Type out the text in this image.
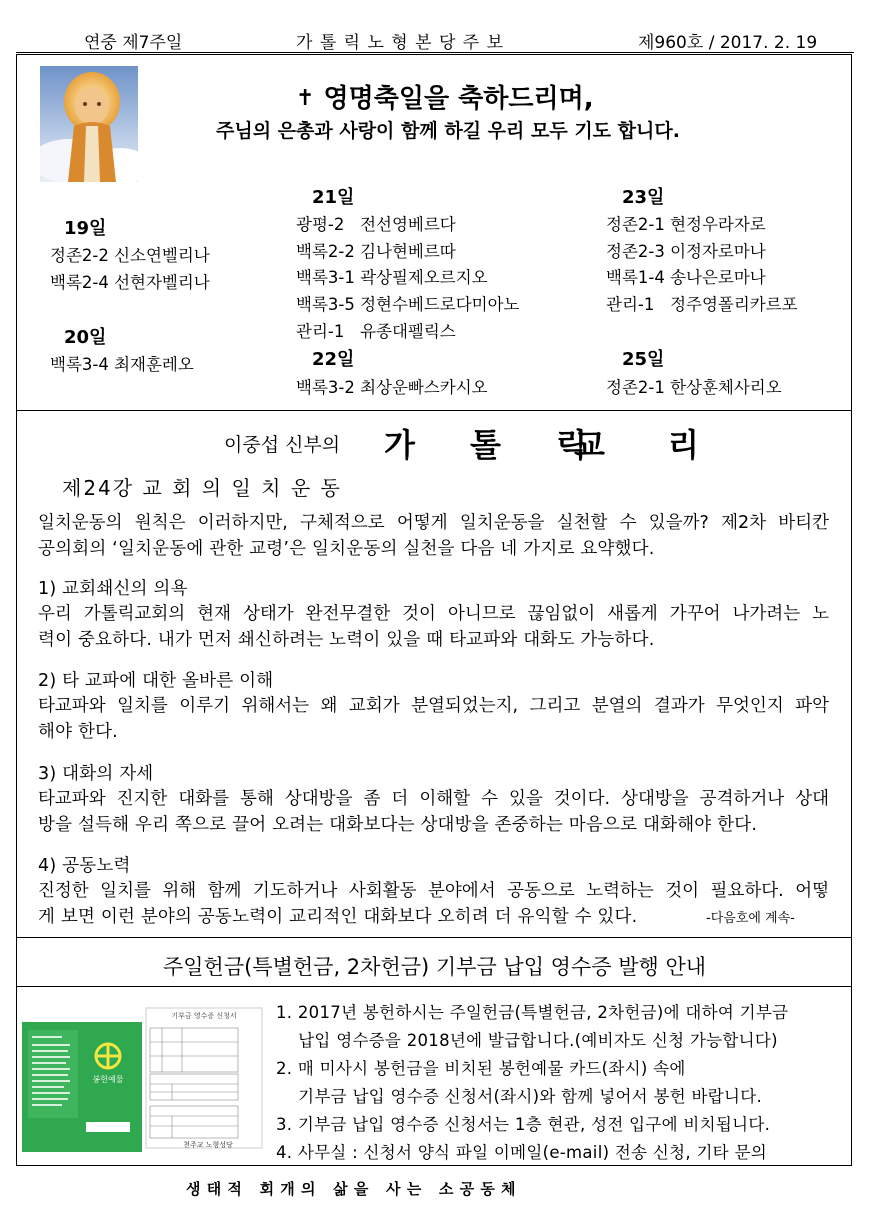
연중 제7주일	가 톨 릭 노 형 본 당 주 보	제960호 / 2017. 2. 19
✝ 영명축일을 축하드리며,
주님의 은총과 사랑이 함께 하길 우리 모두 기도 합니다.
19일
정존2-2 신소연벨리나
백록2-4 선현자벨리나
20일
백록3-4 최재훈레오
21일
광평-2   전선영베르다
백록2-2 김나현베르따
백록3-1 곽상필제오르지오
백록3-5 정현수베드로다미아노
관리-1   유종대펠릭스
22일
백록3-2 최상운빠스카시오
23일
정존2-1 현정우라자로
정존2-3 이정자로마나
백록1-4 송나은로마나
관리-1   정주영폴리카르포
25일
정존2-1 한상훈체사리오
이중섭 신부의 가 톨 릭
교 리
제24강 교 회 의 일 치 운 동
일치운동의 원칙은 이러하지만, 구체적으로 어떻게 일치운동을 실천할 수 있을까? 제2차 바티칸
공의회의 ‘일치운동에 관한 교령’은 일치운동의 실천을 다음 네 가지로 요약했다.
1) 교회쇄신의 의욕
우리 가톨릭교회의 현재 상태가 완전무결한 것이 아니므로 끊임없이 새롭게 가꾸어 나가려는 노
력이 중요하다. 내가 먼저 쇄신하려는 노력이 있을 때 타교파와 대화도 가능하다.
2) 타 교파에 대한 올바른 이해
타교파와 일치를 이루기 위해서는 왜 교회가 분열되었는지, 그리고 분열의 결과가 무엇인지 파악
해야 한다.
3) 대화의 자세
타교파와 진지한 대화를 통해 상대방을 좀 더 이해할 수 있을 것이다. 상대방을 공격하거나 상대
방을 설득해 우리 쪽으로 끌어 오려는 대화보다는 상대방을 존중하는 마음으로 대화해야 한다.
4) 공동노력
진정한 일치를 위해 함께 기도하거나 사회활동 분야에서 공동으로 노력하는 것이 필요하다. 어떻
게 보면 이런 분야의 공동노력이 교리적인 대화보다 오히려 더 유익할 수 있다.	-다음호에 계속-
주일헌금(특별헌금, 2차헌금) 기부금 납입 영수증 발행 안내
봉헌예물
기부금 영수증 신청서
천주교 노형성당
1. 2017년 봉헌하시는 주일헌금(특별헌금, 2차헌금)에 대하여 기부금
납입 영수증을 2018년에 발급합니다.(예비자도 신청 가능합니다)
2. 매 미사시 봉헌금을 비치된 봉헌예물 카드(좌시) 속에
기부금 납입 영수증 신청서(좌시)와 함께 넣어서 봉헌 바랍니다.
3. 기부금 납입 영수증 신청서는 1층 현관, 성전 입구에 비치됩니다.
4. 사무실 : 신청서 양식 파일 이메일(e-mail) 전송 신청, 기타 문의
생 태 적   회 개 의   삶 을   사 는   소 공 동 체
